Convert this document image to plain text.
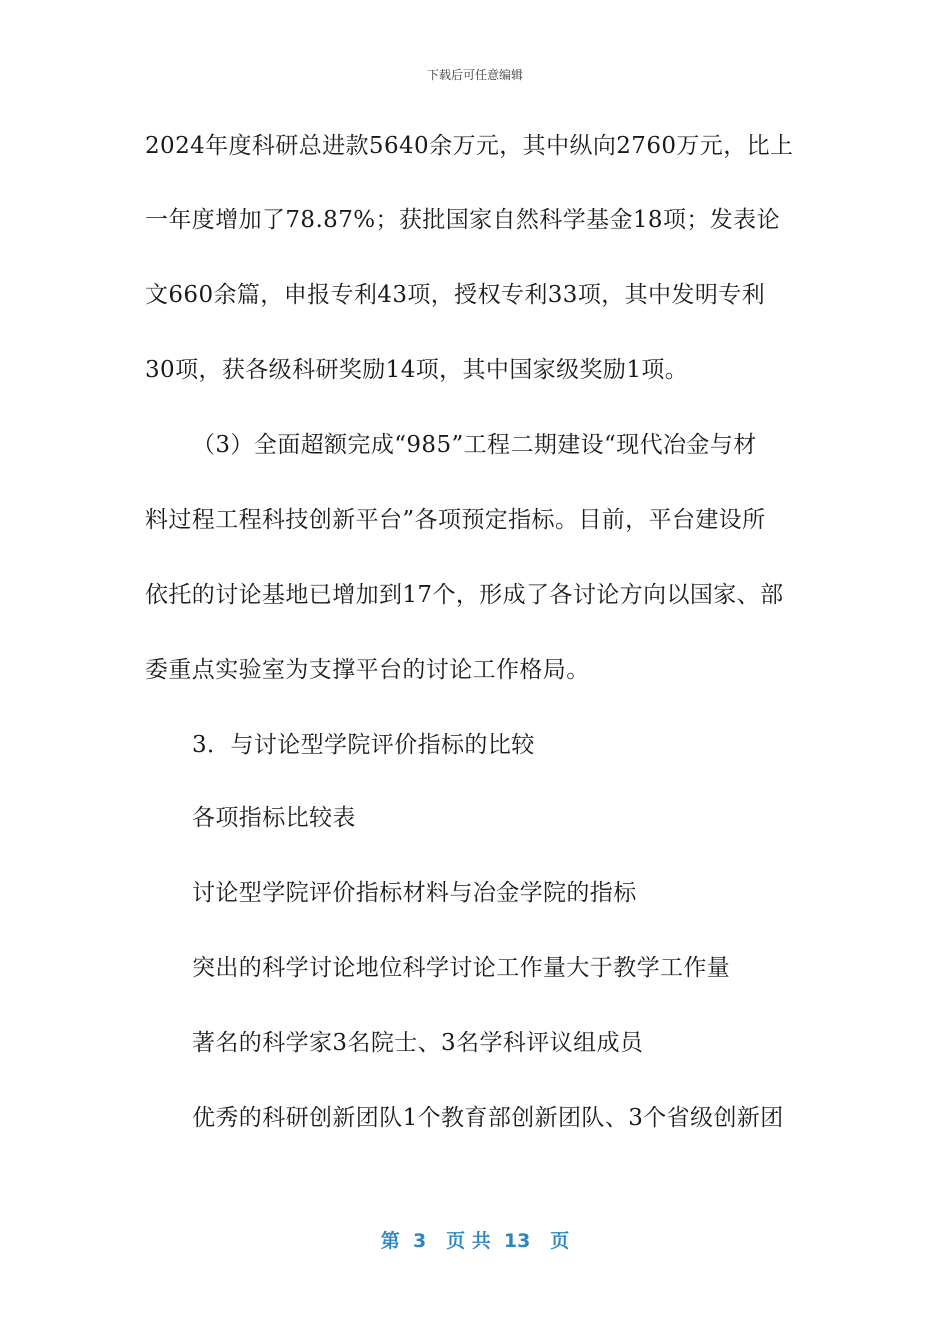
下载后可任意编辑
2024年度科研总进款5640余万元，其中纵向2760万元，比上
一年度增加了78.87%；获批国家自然科学基金18项；发表论
文660余篇，申报专利43项，授权专利33项，其中发明专利
30项，获各级科研奖励14项，其中国家级奖励1项。
（3）全面超额完成“985”工程二期建设“现代冶金与材
料过程工程科技创新平台”各项预定指标。目前，平台建设所
依托的讨论基地已增加到17个，形成了各讨论方向以国家、部
委重点实验室为支撑平台的讨论工作格局。
3．与讨论型学院评价指标的比较
各项指标比较表
讨论型学院评价指标材料与冶金学院的指标
突出的科学讨论地位科学讨论工作量大于教学工作量
著名的科学家3名院士、3名学科评议组成员
优秀的科研创新团队1个教育部创新团队、3个省级创新团
第  3   页 共  13   页
